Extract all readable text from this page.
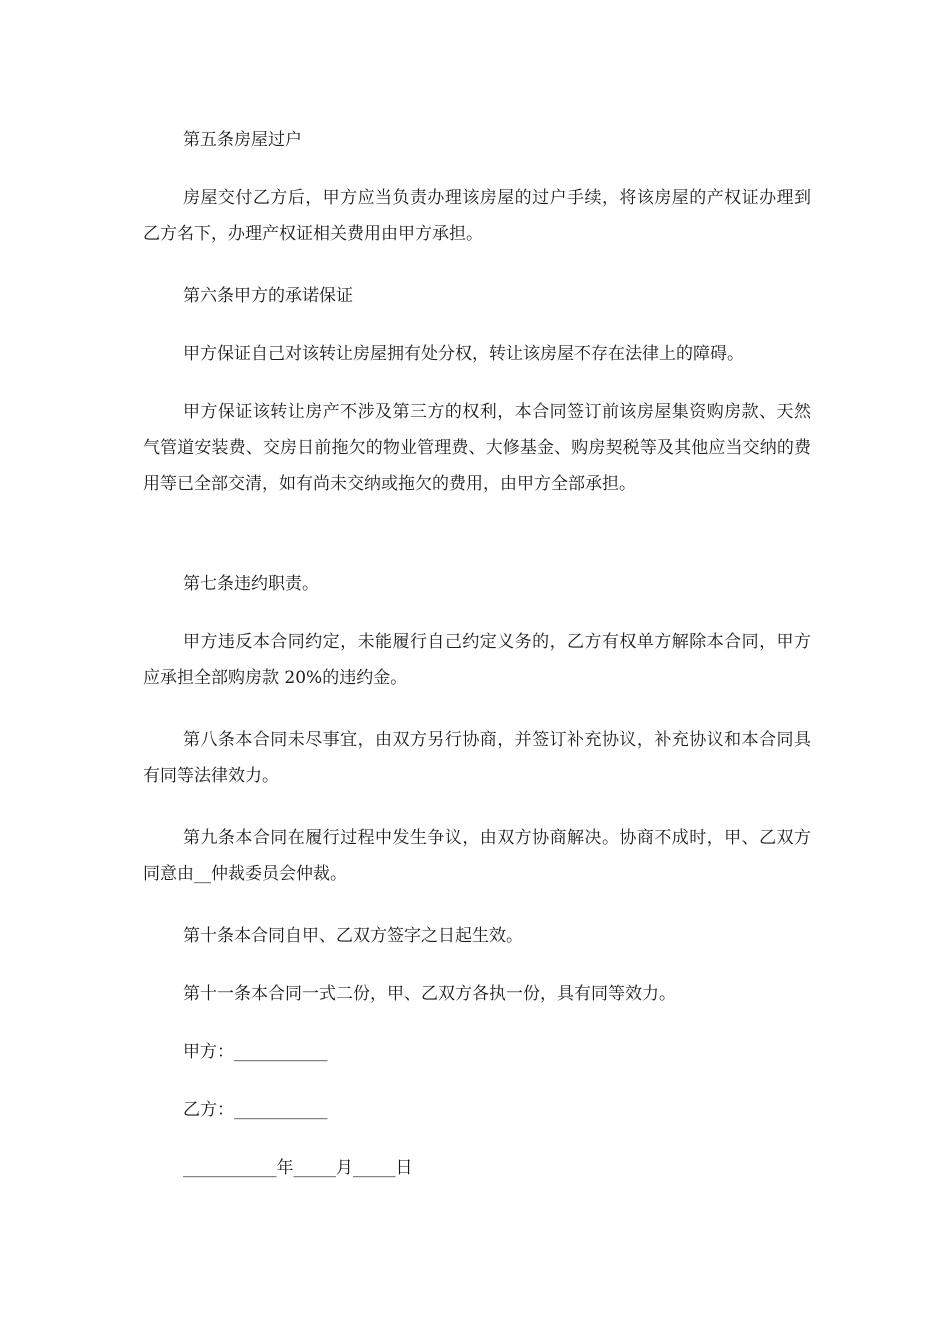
第五条房屋过户

房屋交付乙方后，甲方应当负责办理该房屋的过户手续，将该房屋的产权证办理到乙方名下，办理产权证相关费用由甲方承担。

第六条甲方的承诺保证

甲方保证自己对该转让房屋拥有处分权，转让该房屋不存在法律上的障碍。

甲方保证该转让房产不涉及第三方的权利，本合同签订前该房屋集资购房款、天然气管道安装费、交房日前拖欠的物业管理费、大修基金、购房契税等及其他应当交纳的费用等已全部交清，如有尚未交纳或拖欠的费用，由甲方全部承担。

第七条违约职责。

甲方违反本合同约定，未能履行自己约定义务的，乙方有权单方解除本合同，甲方应承担全部购房款 20%的违约金。

第八条本合同未尽事宜，由双方另行协商，并签订补充协议，补充协议和本合同具有同等法律效力。

第九条本合同在履行过程中发生争议，由双方协商解决。协商不成时，甲、乙双方同意由__仲裁委员会仲裁。

第十条本合同自甲、乙双方签字之日起生效。

第十一条本合同一式二份，甲、乙双方各执一份，具有同等效力。

甲方：___________

乙方：___________

___________年_____月_____日
